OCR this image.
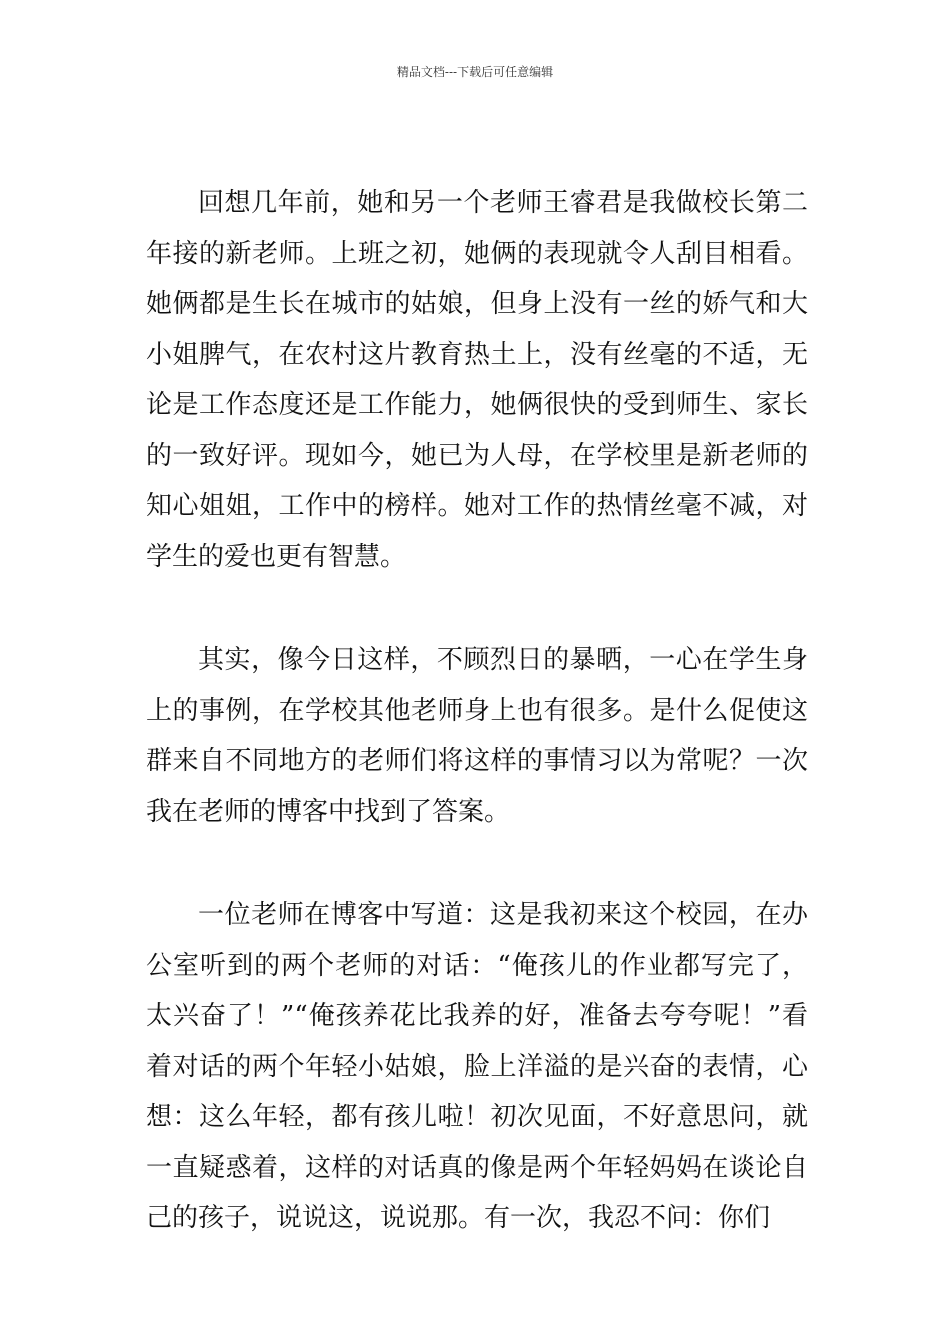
精品文档---下载后可任意编辑

回想几年前，她和另一个老师王睿君是我做校长第二年接的新老师。上班之初，她俩的表现就令人刮目相看。她俩都是生长在城市的姑娘，但身上没有一丝的娇气和大小姐脾气，在农村这片教育热土上，没有丝毫的不适，无论是工作态度还是工作能力，她俩很快的受到师生、家长的一致好评。现如今，她已为人母，在学校里是新老师的知心姐姐，工作中的榜样。她对工作的热情丝毫不减，对学生的爱也更有智慧。

其实，像今日这样，不顾烈日的暴晒，一心在学生身上的事例，在学校其他老师身上也有很多。是什么促使这群来自不同地方的老师们将这样的事情习以为常呢？一次我在老师的博客中找到了答案。

一位老师在博客中写道：这是我初来这个校园，在办公室听到的两个老师的对话：“俺孩儿的作业都写完了，太兴奋了！”“俺孩养花比我养的好，准备去夸夸呢！”看着对话的两个年轻小姑娘，脸上洋溢的是兴奋的表情，心想：这么年轻，都有孩儿啦！初次见面，不好意思问，就一直疑惑着，这样的对话真的像是两个年轻妈妈在谈论自己的孩子，说说这，说说那。有一次，我忍不问：你们
